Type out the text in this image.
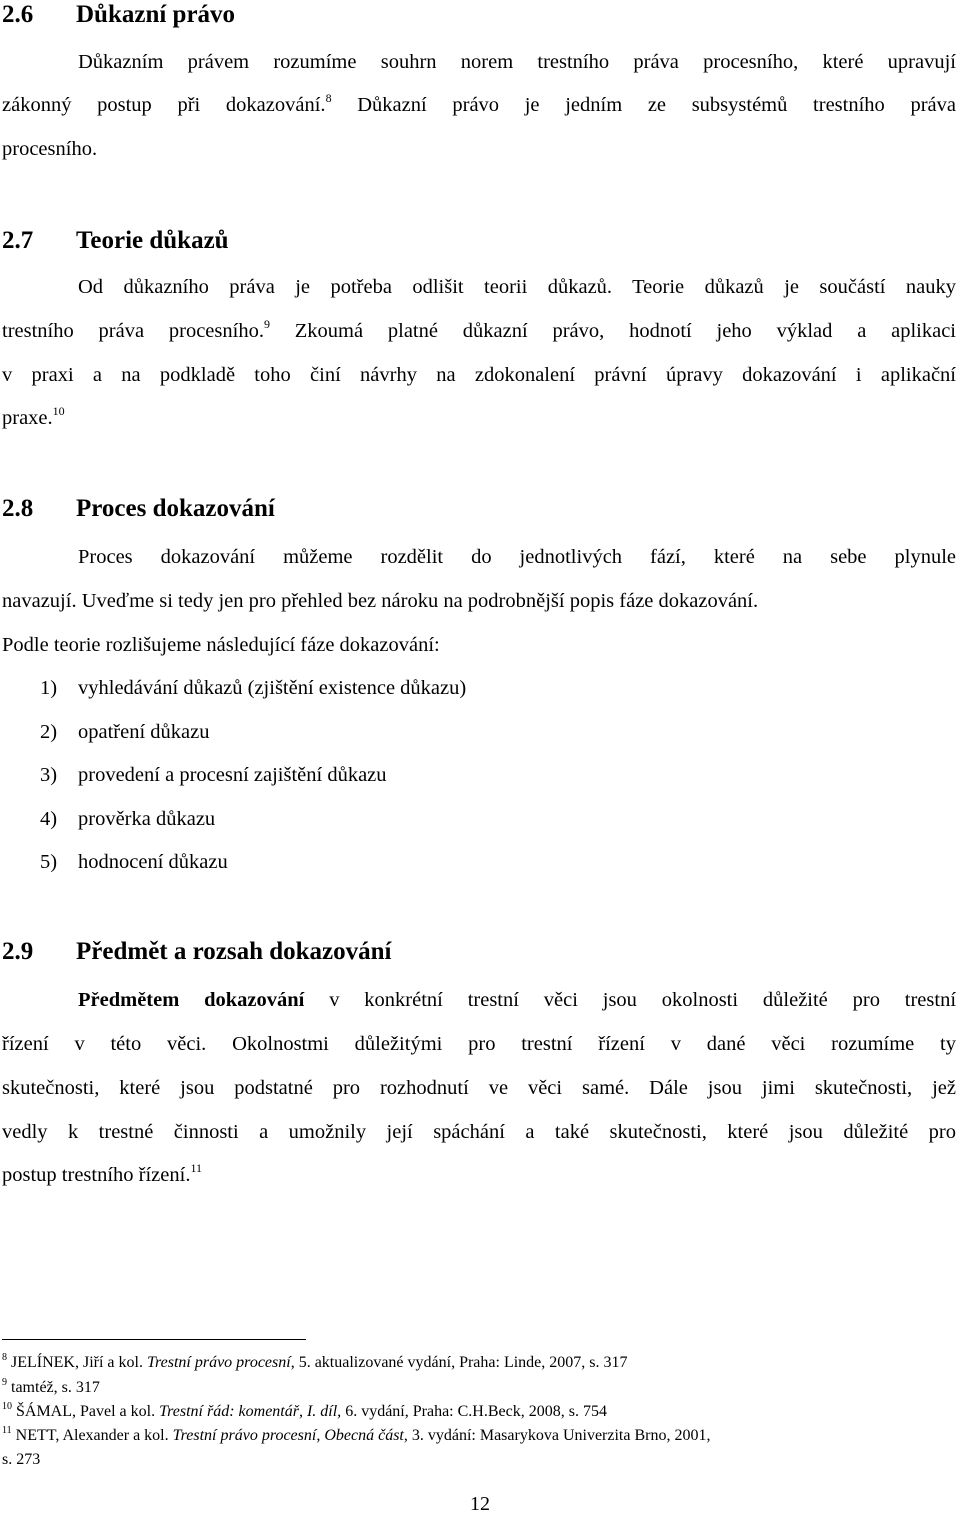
2.6 Důkazní právo
Důkazním právem rozumíme souhrn norem trestního práva procesního, které upravují
zákonný postup při dokazování.$^8$ Důkazní právo je jedním ze subsystémů trestního práva
procesního.
2.7 Teorie důkazů
Od důkazního práva je potřeba odlišit teorii důkazů. Teorie důkazů je součástí nauky
trestního práva procesního.$^9$ Zkoumá platné důkazní právo, hodnotí jeho výklad a aplikaci
v praxi a na podkladě toho činí návrhy na zdokonalení právní úpravy dokazování i aplikační
praxe.$^{10}$
2.8 Proces dokazování
Proces dokazování můžeme rozdělit do jednotlivých fází, které na sebe plynule
navazují. Uveďme si tedy jen pro přehled bez nároku na podrobnější popis fáze dokazování.
Podle teorie rozlišujeme následující fáze dokazování:
1) vyhledávání důkazů (zjištění existence důkazu)
2) opatření důkazu
3) provedení a procesní zajištění důkazu
4) prověrka důkazu
5) hodnocení důkazu
2.9 Předmět a rozsah dokazování
Předmětem dokazování v konkrétní trestní věci jsou okolnosti důležité pro trestní
řízení v této věci. Okolnostmi důležitými pro trestní řízení v dané věci rozumíme ty
skutečnosti, které jsou podstatné pro rozhodnutí ve věci samé. Dále jsou jimi skutečnosti, jež
vedly k trestné činnosti a umožnily její spáchání a také skutečnosti, které jsou důležité pro
postup trestního řízení.$^{11}$
$^8$ JELÍNEK, Jiří a kol. Trestní právo procesní, 5. aktualizované vydání, Praha: Linde, 2007, s. 317
$^9$ tamtéž, s. 317
$^{10}$ ŠÁMAL, Pavel a kol. Trestní řád: komentář, I. díl, 6. vydání, Praha: C.H.Beck, 2008, s. 754
$^{11}$ NETT, Alexander a kol. Trestní právo procesní, Obecná část, 3. vydání: Masarykova Univerzita Brno, 2001,
s. 273
12
